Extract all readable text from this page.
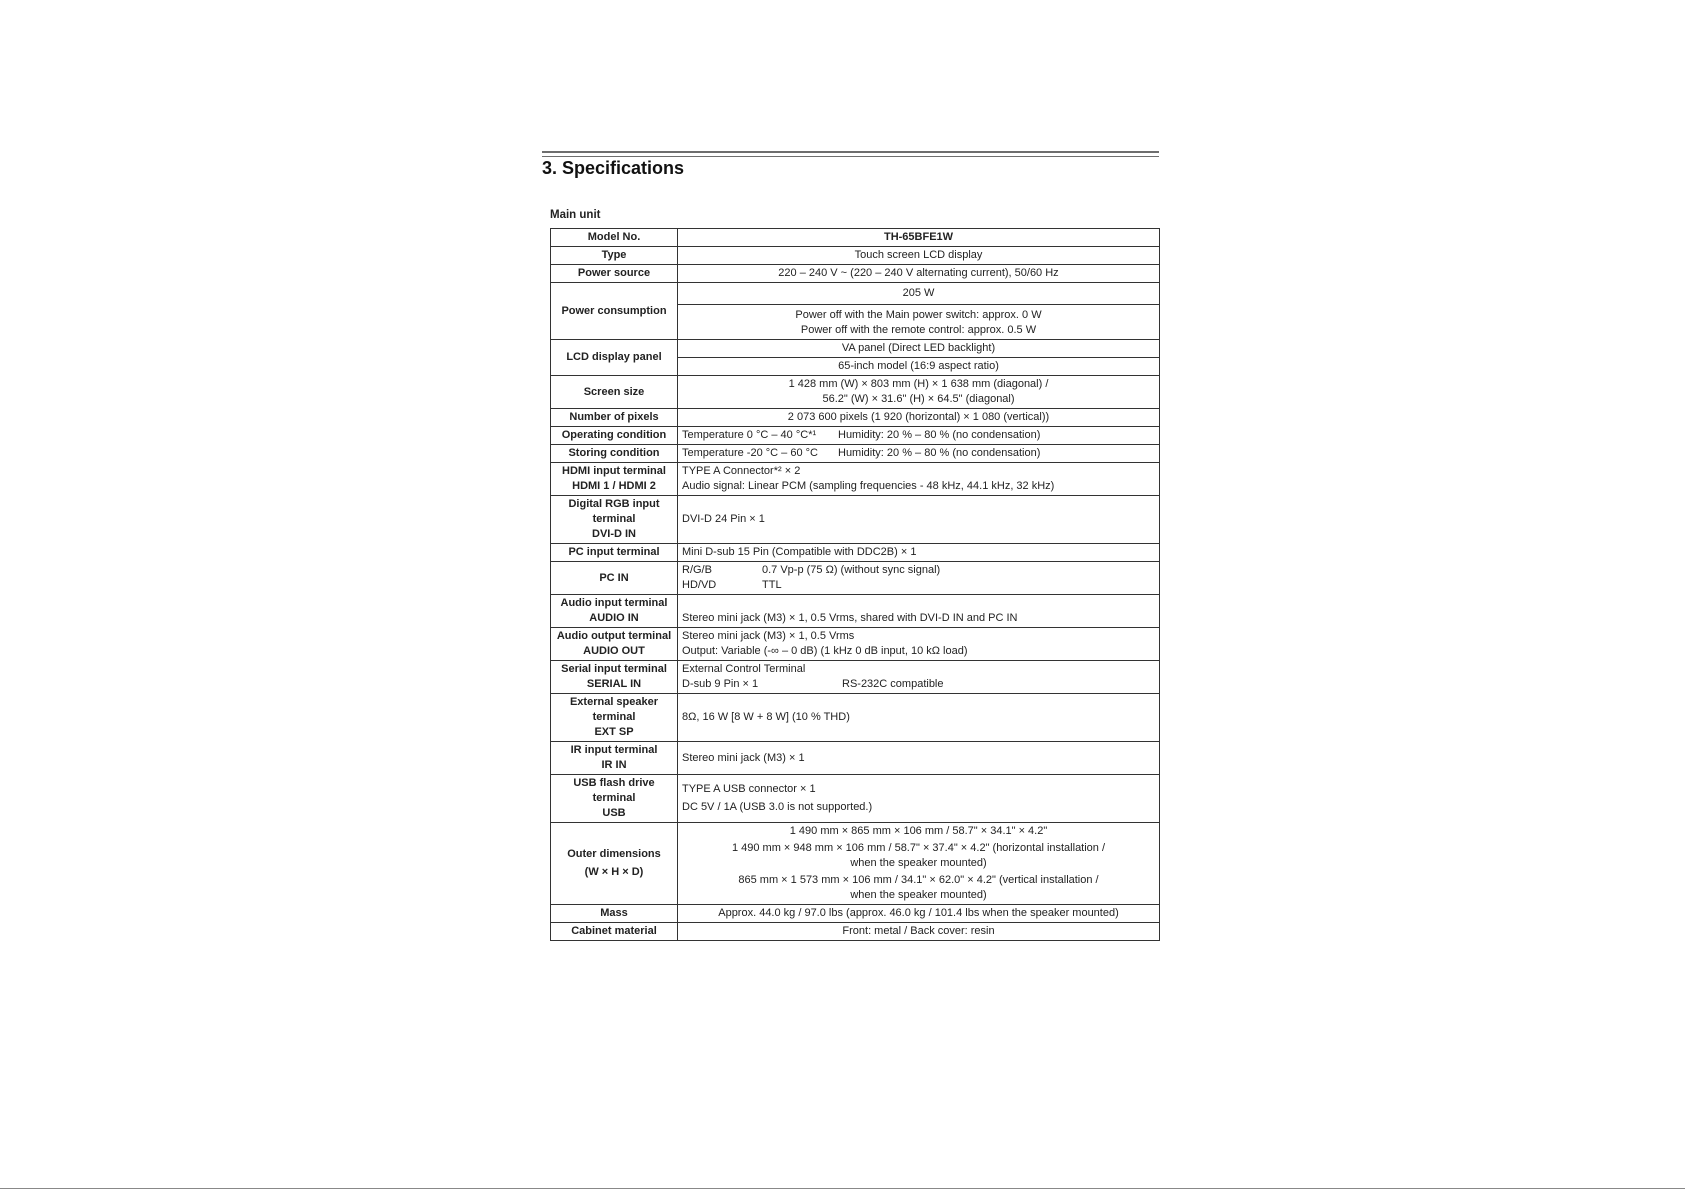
3. Specifications
Main unit
Model No.	TH-65BFE1W
Type	Touch screen LCD display
Power source	220 – 240 V ~ (220 – 240 V alternating current), 50/60 Hz
Power consumption	205 W

	Power off with the Main power switch: approx. 0 W
Power off with the remote control: approx. 0.5 W

LCD display panel	VA panel (Direct LED backlight)
	65-inch model (16:9 aspect ratio)
Screen size	1 428 mm (W) × 803 mm (H) × 1 638 mm (diagonal) /
56.2" (W) × 31.6" (H) × 64.5" (diagonal)

Number of pixels	2 073 600 pixels (1 920 (horizontal) × 1 080 (vertical))
Operating condition	Temperature 0 °C – 40 °C*¹ Humidity: 20 % – 80 % (no condensation)
Storing condition	Temperature -20 °C – 60 °C Humidity: 20 % – 80 % (no condensation)

HDMI input terminal
HDMI 1 / HDMI 2	TYPE A Connector*² × 2
Audio signal: Linear PCM (sampling frequencies - 48 kHz, 44.1 kHz, 32 kHz)

Digital RGB input
terminal
DVI-D IN	DVI-D 24 Pin × 1
PC input terminal	Mini D-sub 15 Pin (Compatible with DDC2B) × 1
PC IN	R/G/B 0.7 Vp-p (75 Ω) (without sync signal)
HD/VD TTL

Audio input terminal
AUDIO IN	Stereo mini jack (M3) × 1, 0.5 Vrms, shared with DVI-D IN and PC IN

Audio output terminal
AUDIO OUT	Stereo mini jack (M3) × 1, 0.5 Vrms
Output: Variable (-∞ – 0 dB) (1 kHz 0 dB input, 10 kΩ load)

Serial input terminal
SERIAL IN	External Control Terminal
D-sub 9 Pin × 1 RS-232C compatible

External speaker
terminal
EXT SP	8Ω, 16 W [8 W + 8 W] (10 % THD)

IR input terminal
IR IN	Stereo mini jack (M3) × 1

USB flash drive
terminal
USB	TYPE A USB connector × 1
DC 5V / 1A (USB 3.0 is not supported.)

Outer dimensions
(W × H × D)	1 490 mm × 865 mm × 106 mm / 58.7" × 34.1" × 4.2"
1 490 mm × 948 mm × 106 mm / 58.7" × 37.4" × 4.2" (horizontal installation /
when the speaker mounted)
865 mm × 1 573 mm × 106 mm / 34.1" × 62.0" × 4.2" (vertical installation /
when the speaker mounted)

Mass	Approx. 44.0 kg / 97.0 lbs (approx. 46.0 kg / 101.4 lbs when the speaker mounted)
Cabinet material	Front: metal / Back cover: resin
